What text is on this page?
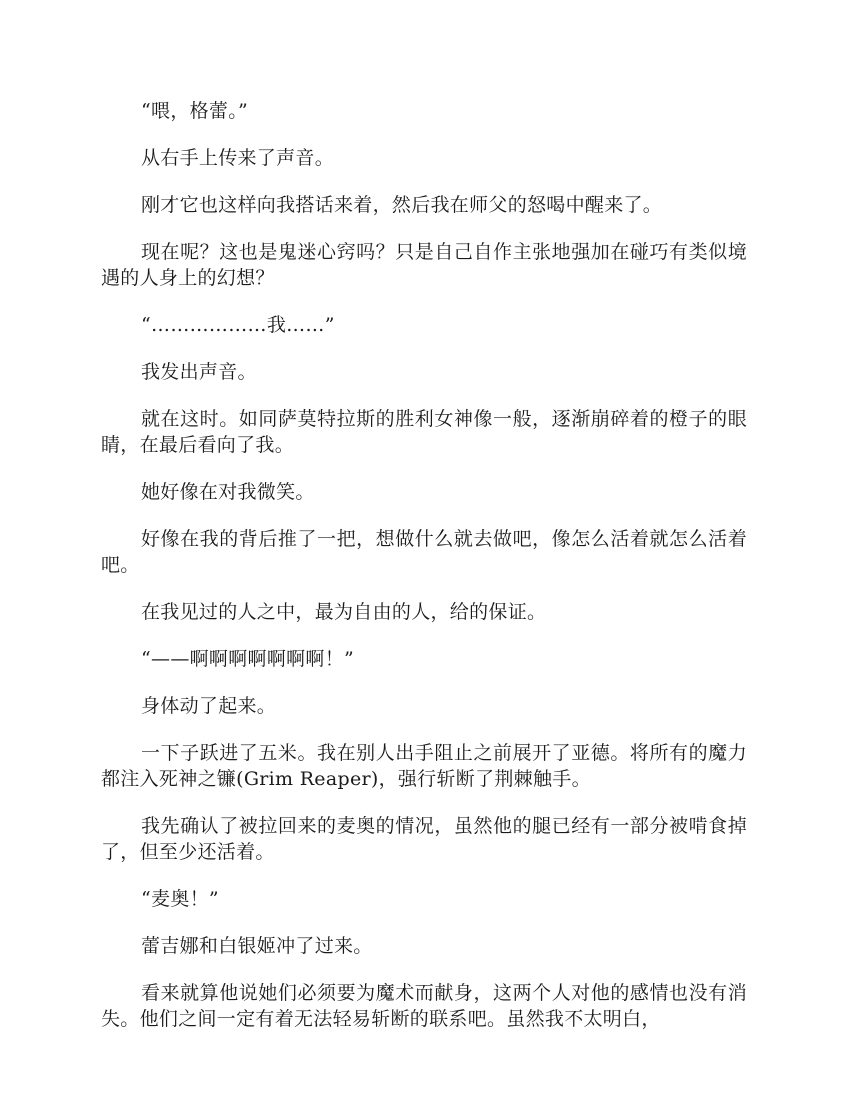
“喂，格蕾。”

从右手上传来了声音。

刚才它也这样向我搭话来着，然后我在师父的怒喝中醒来了。

现在呢？这也是鬼迷心窍吗？只是自己自作主张地强加在碰巧有类似境遇的人身上的幻想？

“………………我……”

我发出声音。

就在这时。如同萨莫特拉斯的胜利女神像一般，逐渐崩碎着的橙子的眼睛，在最后看向了我。

她好像在对我微笑。

好像在我的背后推了一把，想做什么就去做吧，像怎么活着就怎么活着吧。

在我见过的人之中，最为自由的人，给的保证。

“——啊啊啊啊啊啊啊！”

身体动了起来。

一下子跃进了五米。我在别人出手阻止之前展开了亚德。将所有的魔力都注入死神之镰(Grim Reaper)，强行斩断了荆棘触手。

我先确认了被拉回来的麦奥的情况，虽然他的腿已经有一部分被啃食掉了，但至少还活着。

“麦奥！”

蕾吉娜和白银姬冲了过来。

看来就算他说她们必须要为魔术而献身，这两个人对他的感情也没有消失。他们之间一定有着无法轻易斩断的联系吧。虽然我不太明白，
